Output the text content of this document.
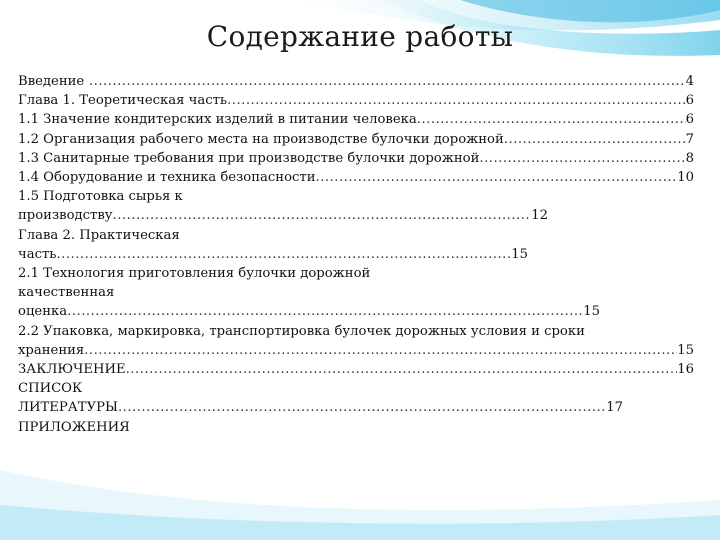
Содержание работы
Введение .....	4
Глава 1. Теоретическая часть .....	6
1.1 Значение кондитерских изделий в питании человека .....	6
1.2 Организация рабочего места на производстве булочки дорожной .....	7
1.3 Санитарные требования при производстве булочки дорожной .....	8
1.4 Оборудование и техника безопасности .....	10
1.5 Подготовка сырья к
производству .....	12
Глава 2. Практическая
часть .....	15
2.1 Технология приготовления булочки дорожной
качественная
оценка .....	15
2.2 Упаковка, маркировка, транспортировка булочек дорожных условия и сроки
хранения .....	15
ЗАКЛЮЧЕНИЕ .....	16
СПИСОК
ЛИТЕРАТУРЫ .....	17
ПРИЛОЖЕНИЯ
